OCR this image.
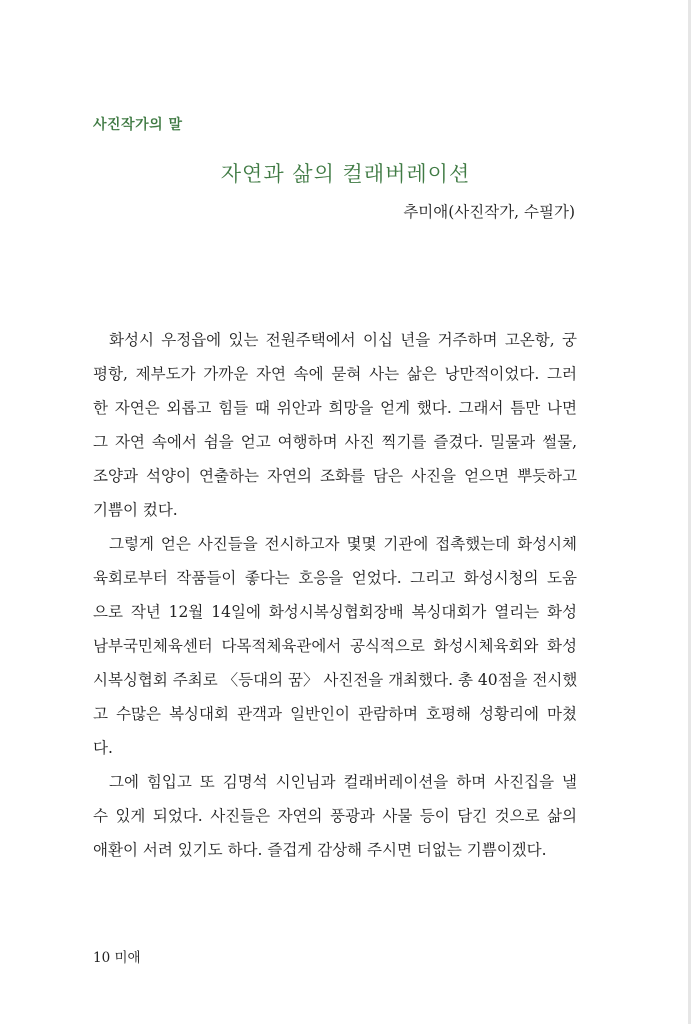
사진작가의 말
자연과 삶의 컬래버레이션
추미애(사진작가, 수필가)
화성시 우정읍에 있는 전원주택에서 이십 년을 거주하며 고온항, 궁
평항, 제부도가 가까운 자연 속에 묻혀 사는 삶은 낭만적이었다. 그러
한 자연은 외롭고 힘들 때 위안과 희망을 얻게 했다. 그래서 틈만 나면
그 자연 속에서 쉼을 얻고 여행하며 사진 찍기를 즐겼다. 밀물과 썰물,
조양과 석양이 연출하는 자연의 조화를 담은 사진을 얻으면 뿌듯하고
기쁨이 컸다.
그렇게 얻은 사진들을 전시하고자 몇몇 기관에 접촉했는데 화성시체
육회로부터 작품들이 좋다는 호응을 얻었다. 그리고 화성시청의 도움
으로 작년 12월 14일에 화성시복싱협회장배 복싱대회가 열리는 화성
남부국민체육센터 다목적체육관에서 공식적으로 화성시체육회와 화성
시복싱협회 주최로 〈등대의 꿈〉 사진전을 개최했다. 총 40점을 전시했
고 수많은 복싱대회 관객과 일반인이 관람하며 호평해 성황리에 마쳤
다.
그에 힘입고 또 김명석 시인님과 컬래버레이션을 하며 사진집을 낼
수 있게 되었다. 사진들은 자연의 풍광과 사물 등이 담긴 것으로 삶의
애환이 서려 있기도 하다. 즐겁게 감상해 주시면 더없는 기쁨이겠다.
10 미애
